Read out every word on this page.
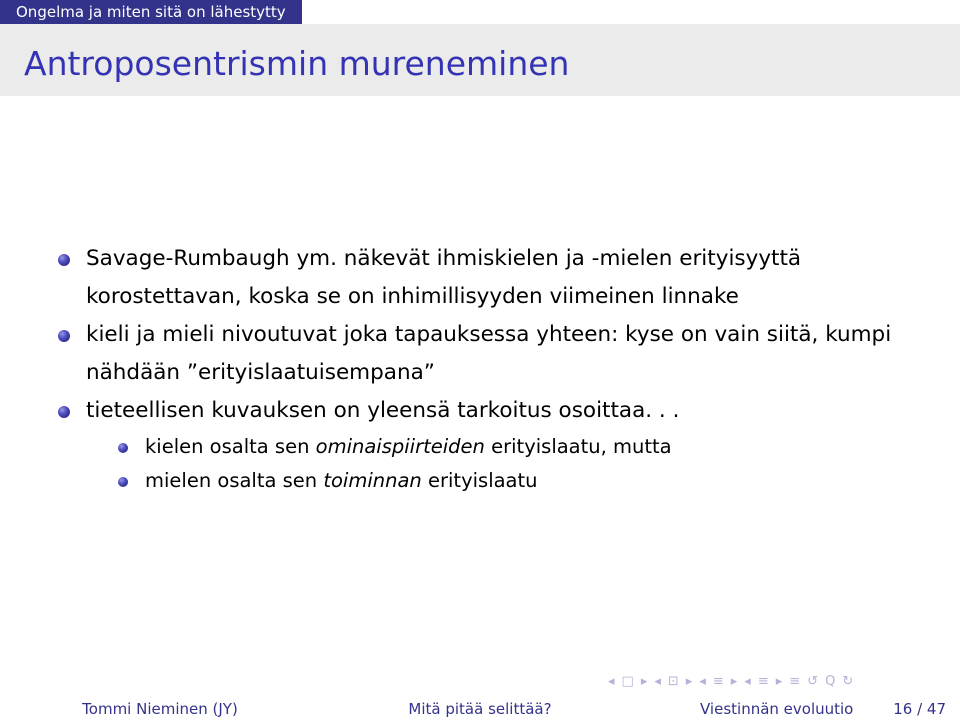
Ongelma ja miten sitä on lähestytty
Antroposentrismin mureneminen
Savage-Rumbaugh ym. näkevät ihmiskielen ja -mielen erityisyyttä korostettavan, koska se on inhimillisyyden viimeinen linnake
kieli ja mieli nivoutuvat joka tapauksessa yhteen: kyse on vain siitä, kumpi nähdään ”erityislaatuisempana”
tieteellisen kuvauksen on yleensä tarkoitus osoittaa. . .
kielen osalta sen ominaispiirteiden erityislaatu, mutta
mielen osalta sen toiminnan erityislaatu
◂ □ ▸ ◂ ⊡ ▸ ◂ ≡ ▸ ◂ ≡ ▸ ≡ ↺ Q ↻
Tommi Nieminen (JY)	Mitä pitää selittää?	Viestinnän evoluutio	16 / 47
